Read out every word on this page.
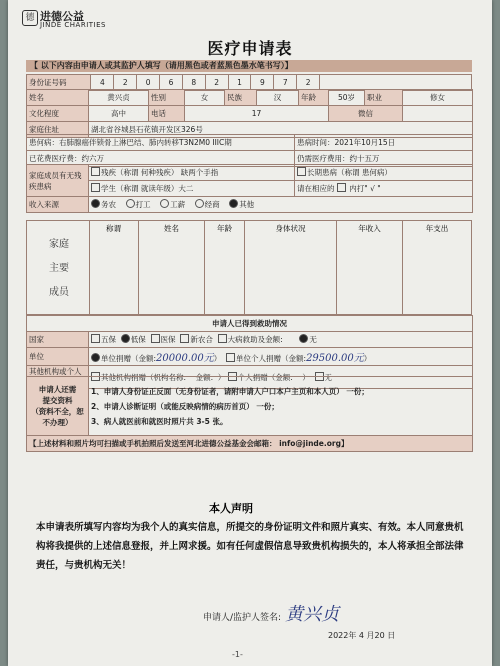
德 进德公益
JINDE CHARITIES
医疗申请表
【 以下内容由申请人或其监护人填写（请用黑色或者蓝黑色墨水笔书写）】
身份证号码	4	2	0	6	8	2	1	9	7	2	
姓名	黄兴贞	性别	女	民族	汉	年龄	50岁	职业	修女
文化程度	高中	电话	17				微信		
家庭住址	湖北省谷城县石花镇开发区326号								
患何病：右肺腺癌伴锁骨上淋巴结、肺内转移T3N2M0 IIIC期	患病时间：2021年10月15日
已花费医疗费：约六万	仍需医疗费用：约十五万
家庭成员有无残疾患病	残疾（称谓 何种残疾） 缺两个手指	长期患病（称谓 患何病）
	学生（称谓 就读年级）大二	请在相应的 内打" √ "
收入来源	务农	打工	工薪	经商	其他
家庭
主要
成员
称谓	姓名	年龄	身体状况	年收入	年支出
申请人已得到救助情况	
国家	五保 低保 医保 新农合 大病救助及金额: 无
单位	单位捐赠（金额:20000.00元）  单位个人捐赠（金额:29500.00元）
其他机构或个人	其他机构捐赠（机构名称: 金额: ） 个人捐赠（金额: ） 无
申请人还需
提交资料
（资料不全，恕
不办理）	
1、申请人身份证正反面（无身份证者，请附申请人户口本户主页和本人页） 一份；
2、申请人诊断证明（或能反映病情的病历首页） 一份；
3、病人就医前和就医时照片共 3-5 张。

【上述材料和照片均可扫描或手机拍照后发送至河北进德公益基金会邮箱： info@jinde.org】
本人声明
本申请表所填写内容均为我个人的真实信息，所提交的身份证明文件和照片真实、有效。本人同意贵机构将我提供的上述信息登报，并上网求援。如有任何虚假信息导致贵机构损失的，本人将承担全部法律责任，与贵机构无关！
申请人/监护人签名: 黄兴贞
2022年 4 月20 日
-1-
